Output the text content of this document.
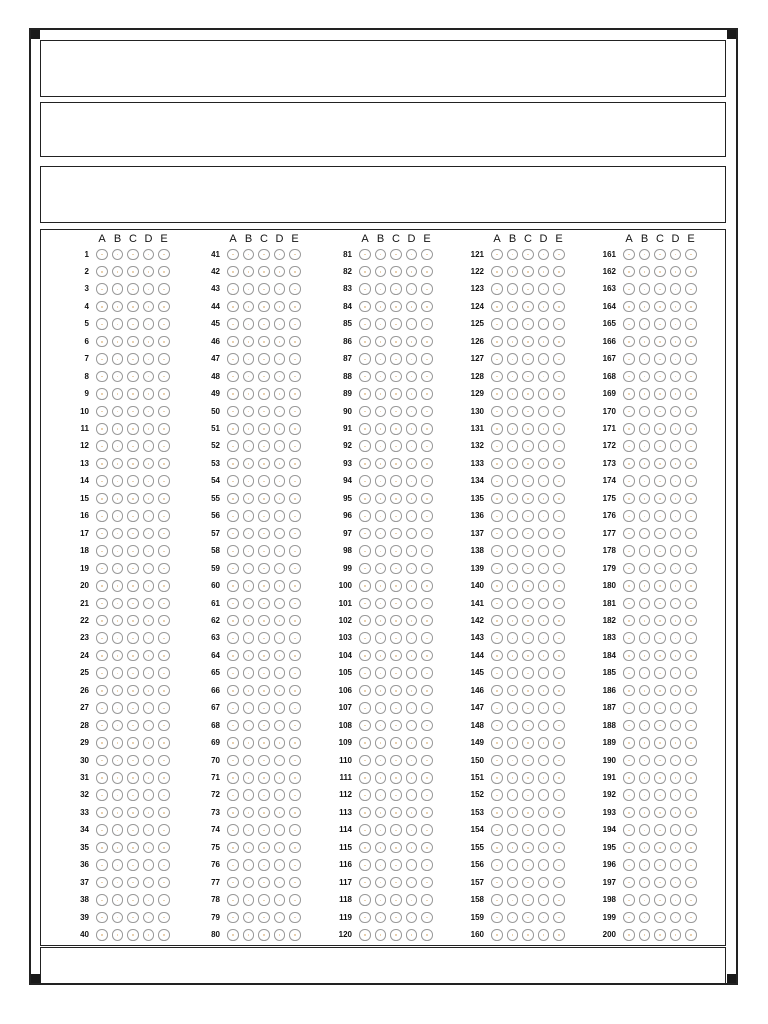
A B C D E
1
2
3
4
5
6
7
8
9
10
11
12
13
14
15
16
17
18
19
20
21
22
23
24
25
26
27
28
29
30
31
32
33
34
35
36
37
38
39
40
A B C D E
41
42
43
44
45
46
47
48
49
50
51
52
53
54
55
56
57
58
59
60
61
62
63
64
65
66
67
68
69
70
71
72
73
74
75
76
77
78
79
80
A B C D E
81
82
83
84
85
86
87
88
89
90
91
92
93
94
95
96
97
98
99
100
101
102
103
104
105
106
107
108
109
110
111
112
113
114
115
116
117
118
119
120
A B C D E
121
122
123
124
125
126
127
128
129
130
131
132
133
134
135
136
137
138
139
140
141
142
143
144
145
146
147
148
149
150
151
152
153
154
155
156
157
158
159
160
A B C D E
161
162
163
164
165
166
167
168
169
170
171
172
173
174
175
176
177
178
179
180
181
182
183
184
185
186
187
188
189
190
191
192
193
194
195
196
197
198
199
200
